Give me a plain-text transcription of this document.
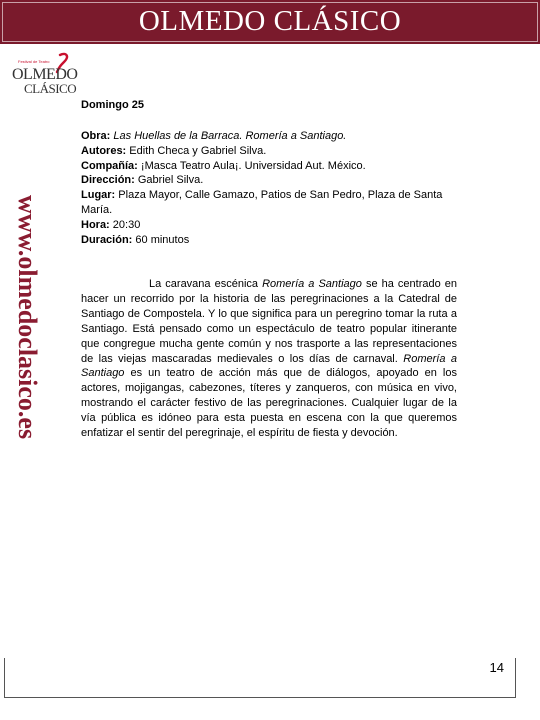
OLMEDO CLÁSICO
Festival de Teatro
OLMEDO
CLÁSICO
www.olmedoclasico.es
Domingo 25
Obra: Las Huellas de la Barraca. Romería a Santiago.
Autores: Edith Checa y Gabriel Silva.
Compañía: ¡Masca Teatro Aula¡. Universidad Aut. México.
Dirección: Gabriel Silva.
Lugar: Plaza Mayor, Calle Gamazo, Patios de San Pedro, Plaza de Santa María.
Hora: 20:30
Duración: 60 minutos
La caravana escénica Romería a Santiago se ha centrado en hacer un recorrido por la historia de las peregrinaciones a la Catedral de Santiago de Compostela. Y lo que significa para un peregrino tomar la ruta a Santiago. Está pensado como un espectáculo de teatro popular itinerante que congregue mucha gente común y nos trasporte a las representaciones de las viejas mascaradas medievales o los días de carnaval. Romería a Santiago es un teatro de acción más que de diálogos, apoyado en los actores, mojigangas, cabezones, títeres y zanqueros, con música en vivo, mostrando el carácter festivo de las peregrinaciones. Cualquier lugar de la vía pública es idóneo para esta puesta en escena con la que queremos enfatizar el sentir del peregrinaje, el espíritu de fiesta y devoción.
14
